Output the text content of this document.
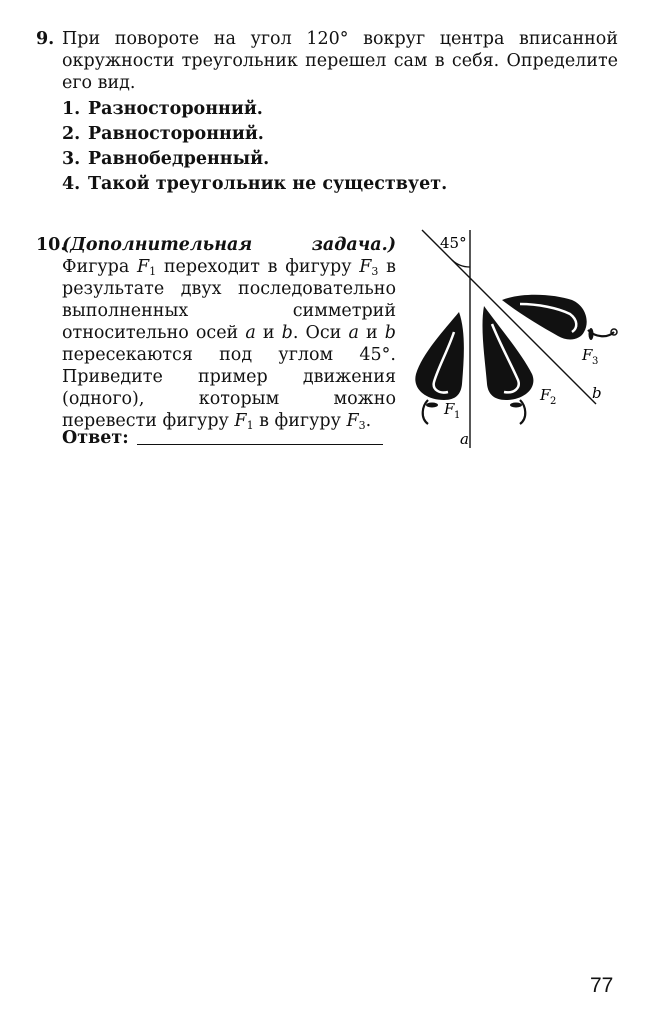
9. При повороте на угол 120° вокруг центра вписанной окружности треугольник перешел сам в себя. Определите его вид.
1. Разносторонний.
2. Равносторонний.
3. Равнобедренный.
4. Такой треугольник не существует.
10.
(Дополнительная задача.) Фигура $F_1$ переходит в фигуру $F_3$ в результате двух последовательно выполненных симметрий относительно осей a и b. Оси a и b пересекаются под углом 45°. Приведите пример движения (одного), которым можно перевести фигуру $F_1$ в фигуру $F_3$.
Ответ:
45°
F 1
F 2
F 3
a
b
77
